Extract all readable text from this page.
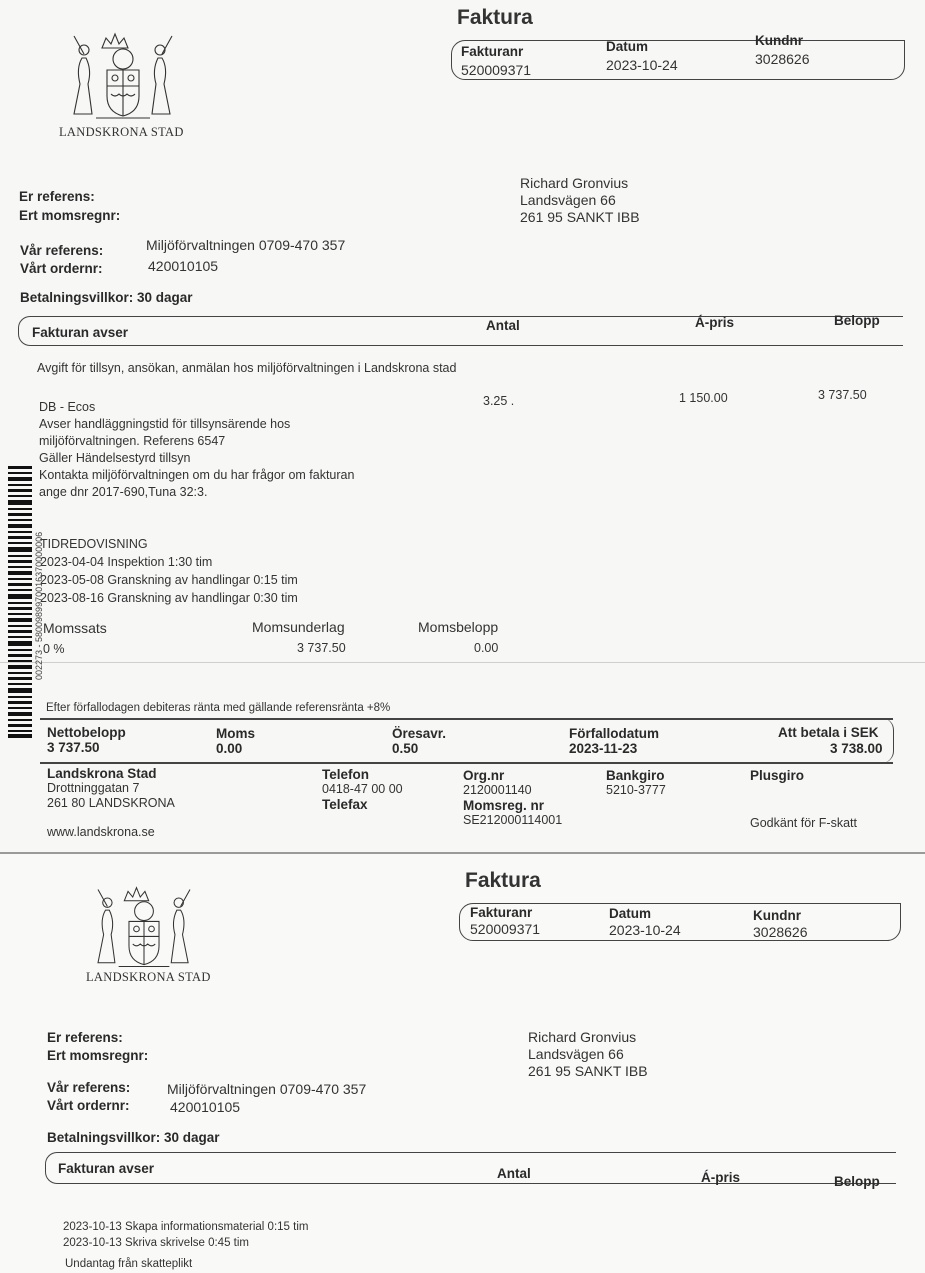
LANDSKRONA STAD
Faktura
Fakturanr
520009371
Datum
2023-10-24
Kundnr
3028626
Er referens:
Ert momsregnr:
Vår referens:	Miljöförvaltningen 0709-470 357
Vårt ordernr:	420010105
Betalningsvillkor: 30 dagar
Richard Gronvius
Landsvägen 66
261 95 SANKT IBB
Fakturan avser	Antal	Á-pris	Belopp
Avgift för tillsyn, ansökan, anmälan hos miljöförvaltningen i Landskrona stad
DB - Ecos
Avser handläggningstid för tillsynsärende hos
miljöförvaltningen. Referens 6547
Gäller Händelsestyrd tillsyn
Kontakta miljöförvaltningen om du har frågor om fakturan
ange dnr 2017-690,Tuna 32:3.
3.25 .	1 150.00	3 737.50
TIDREDOVISNING
2023-04-04 Inspektion 1:30 tim
2023-05-08 Granskning av handlingar 0:15 tim
2023-08-16 Granskning av handlingar 0:30 tim
Momssats	Momsunderlag	Momsbelopp
0 %	3 737.50	0.00
002273 - 5800989970016370000006
Efter förfallodagen debiteras ränta med gällande referensränta +8%
Nettobelopp
3 737.50
Moms
0.00
Öresavr.
0.50
Förfallodatum
2023-11-23
Att betala i SEK
3 738.00
Landskrona Stad
Drottninggatan 7
261 80 LANDSKRONA
www.landskrona.se
Telefon
0418-47 00 00
Telefax
Org.nr
2120001140
Momsreg. nr
SE212000114001
Bankgiro
5210-3777
Plusgiro
Godkänt för F-skatt
LANDSKRONA STAD
Faktura
Fakturanr
520009371
Datum
2023-10-24
Kundnr
3028626
Er referens:
Ert momsregnr:
Vår referens:	Miljöförvaltningen 0709-470 357
Vårt ordernr:	420010105
Betalningsvillkor: 30 dagar
Richard Gronvius
Landsvägen 66
261 95 SANKT IBB
Fakturan avser	Antal	Á-pris	Belopp
2023-10-13 Skapa informationsmaterial 0:15 tim
2023-10-13 Skriva skrivelse 0:45 tim
Undantag från skatteplikt
